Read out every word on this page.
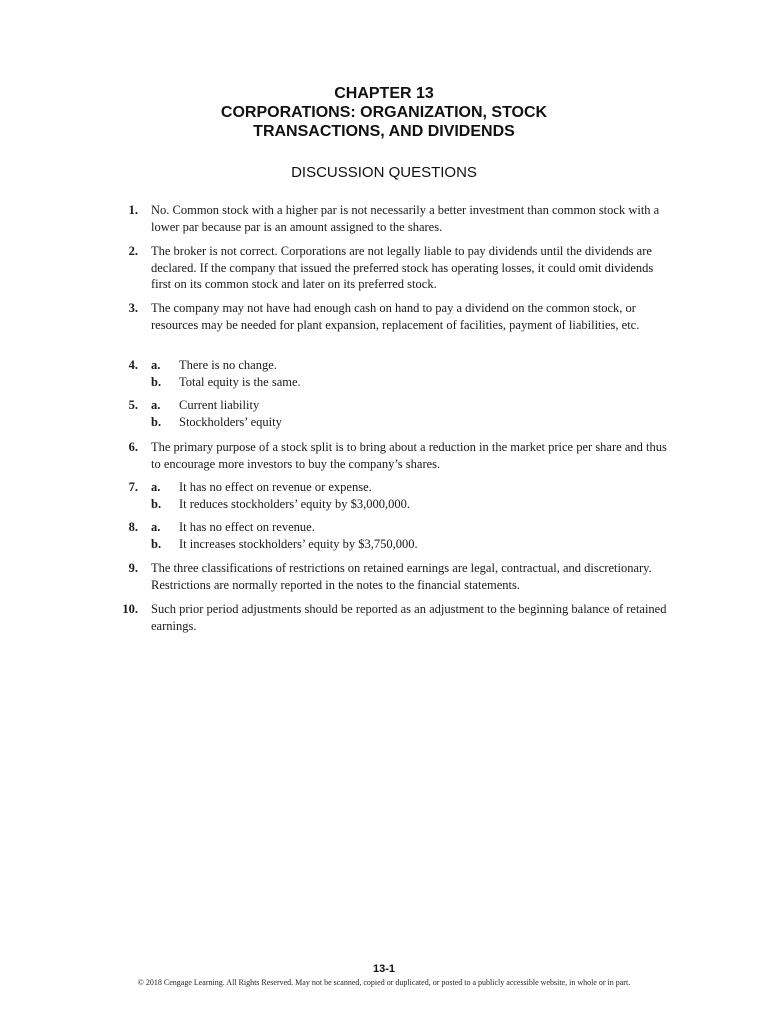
CHAPTER 13
CORPORATIONS: ORGANIZATION, STOCK
TRANSACTIONS, AND DIVIDENDS
DISCUSSION QUESTIONS
1. No. Common stock with a higher par is not necessarily a better investment than common stock with a lower par because par is an amount assigned to the shares.
2. The broker is not correct. Corporations are not legally liable to pay dividends until the dividends are declared. If the company that issued the preferred stock has operating losses, it could omit dividends first on its common stock and later on its preferred stock.
3. The company may not have had enough cash on hand to pay a dividend on the common stock, or resources may be needed for plant expansion, replacement of facilities, payment of liabilities, etc.
4. a. There is no change.
b. Total equity is the same.
5. a. Current liability
b. Stockholders’ equity
6. The primary purpose of a stock split is to bring about a reduction in the market price per share and thus to encourage more investors to buy the company’s shares.
7. a. It has no effect on revenue or expense.
b. It reduces stockholders’ equity by $3,000,000.
8. a. It has no effect on revenue.
b. It increases stockholders’ equity by $3,750,000.
9. The three classifications of restrictions on retained earnings are legal, contractual, and discretionary. Restrictions are normally reported in the notes to the financial statements.
10. Such prior period adjustments should be reported as an adjustment to the beginning balance of retained earnings.
13-1
© 2018 Cengage Learning. All Rights Reserved. May not be scanned, copied or duplicated, or posted to a publicly accessible website, in whole or in part.
